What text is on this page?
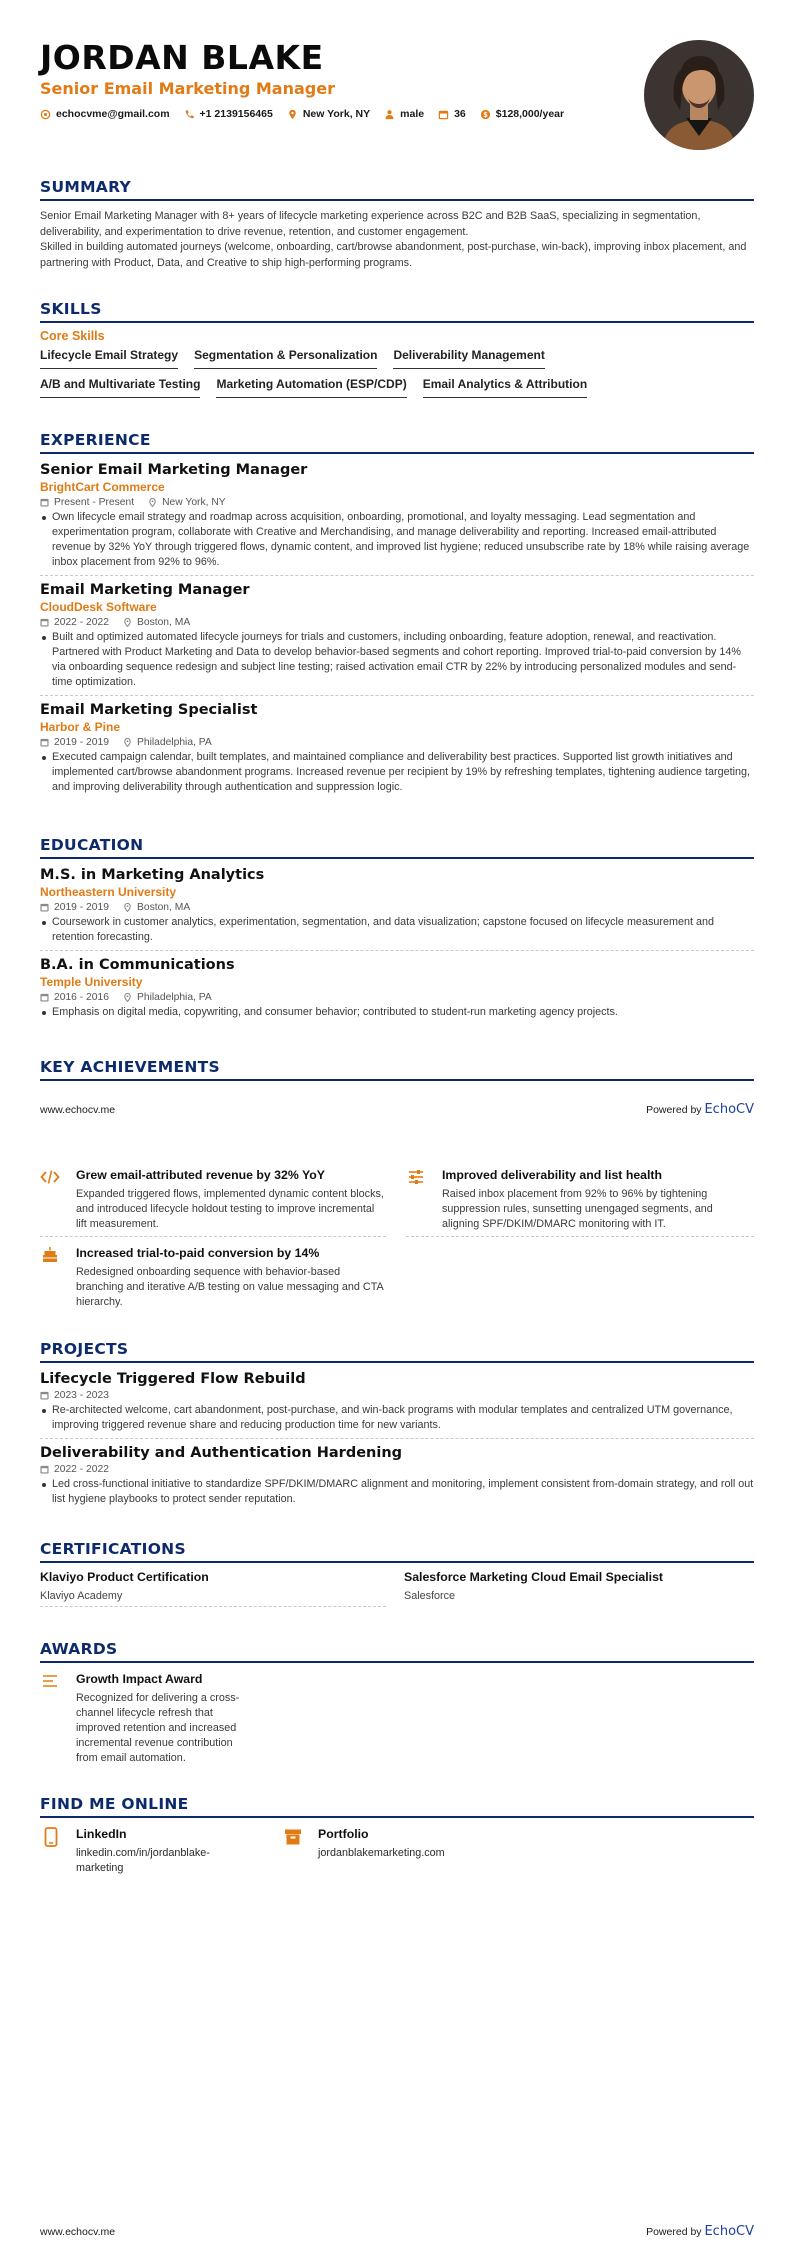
JORDAN BLAKE
Senior Email Marketing Manager
echocvme@gmail.com	+1 2139156465	New York, NY	male	36 $ $128,000/year
SUMMARY
Senior Email Marketing Manager with 8+ years of lifecycle marketing experience across B2C and B2B SaaS, specializing in segmentation, deliverability, and experimentation to drive revenue, retention, and customer engagement.
Skilled in building automated journeys (welcome, onboarding, cart/browse abandonment, post-purchase, win-back), improving inbox placement, and partnering with Product, Data, and Creative to ship high-performing programs.
SKILLS
Core Skills
Lifecycle Email Strategy Segmentation & Personalization Deliverability Management
A/B and Multivariate Testing Marketing Automation (ESP/CDP) Email Analytics & Attribution
EXPERIENCE
Senior Email Marketing Manager
BrightCart Commerce
Present - Present	New York, NY
Own lifecycle email strategy and roadmap across acquisition, onboarding, promotional, and loyalty messaging. Lead segmentation and experimentation program, collaborate with Creative and Merchandising, and manage deliverability and reporting. Increased email-attributed revenue by 32% YoY through triggered flows, dynamic content, and improved list hygiene; reduced unsubscribe rate by 18% while raising average inbox placement from 92% to 96%.
Email Marketing Manager
CloudDesk Software
2022 - 2022	Boston, MA
Built and optimized automated lifecycle journeys for trials and customers, including onboarding, feature adoption, renewal, and reactivation. Partnered with Product Marketing and Data to develop behavior-based segments and cohort reporting. Improved trial-to-paid conversion by 14% via onboarding sequence redesign and subject line testing; raised activation email CTR by 22% by introducing personalized modules and send-time optimization.
Email Marketing Specialist
Harbor & Pine
2019 - 2019	Philadelphia, PA
Executed campaign calendar, built templates, and maintained compliance and deliverability best practices. Supported list growth initiatives and implemented cart/browse abandonment programs. Increased revenue per recipient by 19% by refreshing templates, tightening audience targeting, and improving deliverability through authentication and suppression logic.
EDUCATION
M.S. in Marketing Analytics
Northeastern University
2019 - 2019	Boston, MA
Coursework in customer analytics, experimentation, segmentation, and data visualization; capstone focused on lifecycle measurement and retention forecasting.
B.A. in Communications
Temple University
2016 - 2016	Philadelphia, PA
Emphasis on digital media, copywriting, and consumer behavior; contributed to student-run marketing agency projects.
KEY ACHIEVEMENTS
www.echocv.me	Powered by EchoCV
Grew email-attributed revenue by 32% YoY
Expanded triggered flows, implemented dynamic content blocks, and introduced lifecycle holdout testing to improve incremental lift measurement.
Improved deliverability and list health
Raised inbox placement from 92% to 96% by tightening suppression rules, sunsetting unengaged segments, and aligning SPF/DKIM/DMARC monitoring with IT.
Increased trial-to-paid conversion by 14%
Redesigned onboarding sequence with behavior-based branching and iterative A/B testing on value messaging and CTA hierarchy.
PROJECTS
Lifecycle Triggered Flow Rebuild
2023 - 2023
Re-architected welcome, cart abandonment, post-purchase, and win-back programs with modular templates and centralized UTM governance, improving triggered revenue share and reducing production time for new variants.
Deliverability and Authentication Hardening
2022 - 2022
Led cross-functional initiative to standardize SPF/DKIM/DMARC alignment and monitoring, implement consistent from-domain strategy, and roll out list hygiene playbooks to protect sender reputation.
CERTIFICATIONS
Klaviyo Product Certification
Klaviyo Academy
Salesforce Marketing Cloud Email Specialist
Salesforce
AWARDS
Growth Impact Award
Recognized for delivering a cross-channel lifecycle refresh that improved retention and increased incremental revenue contribution from email automation.
FIND ME ONLINE
LinkedIn
linkedin.com/in/jordanblake-marketing
Portfolio
jordanblakemarketing.com
www.echocv.me	Powered by EchoCV
